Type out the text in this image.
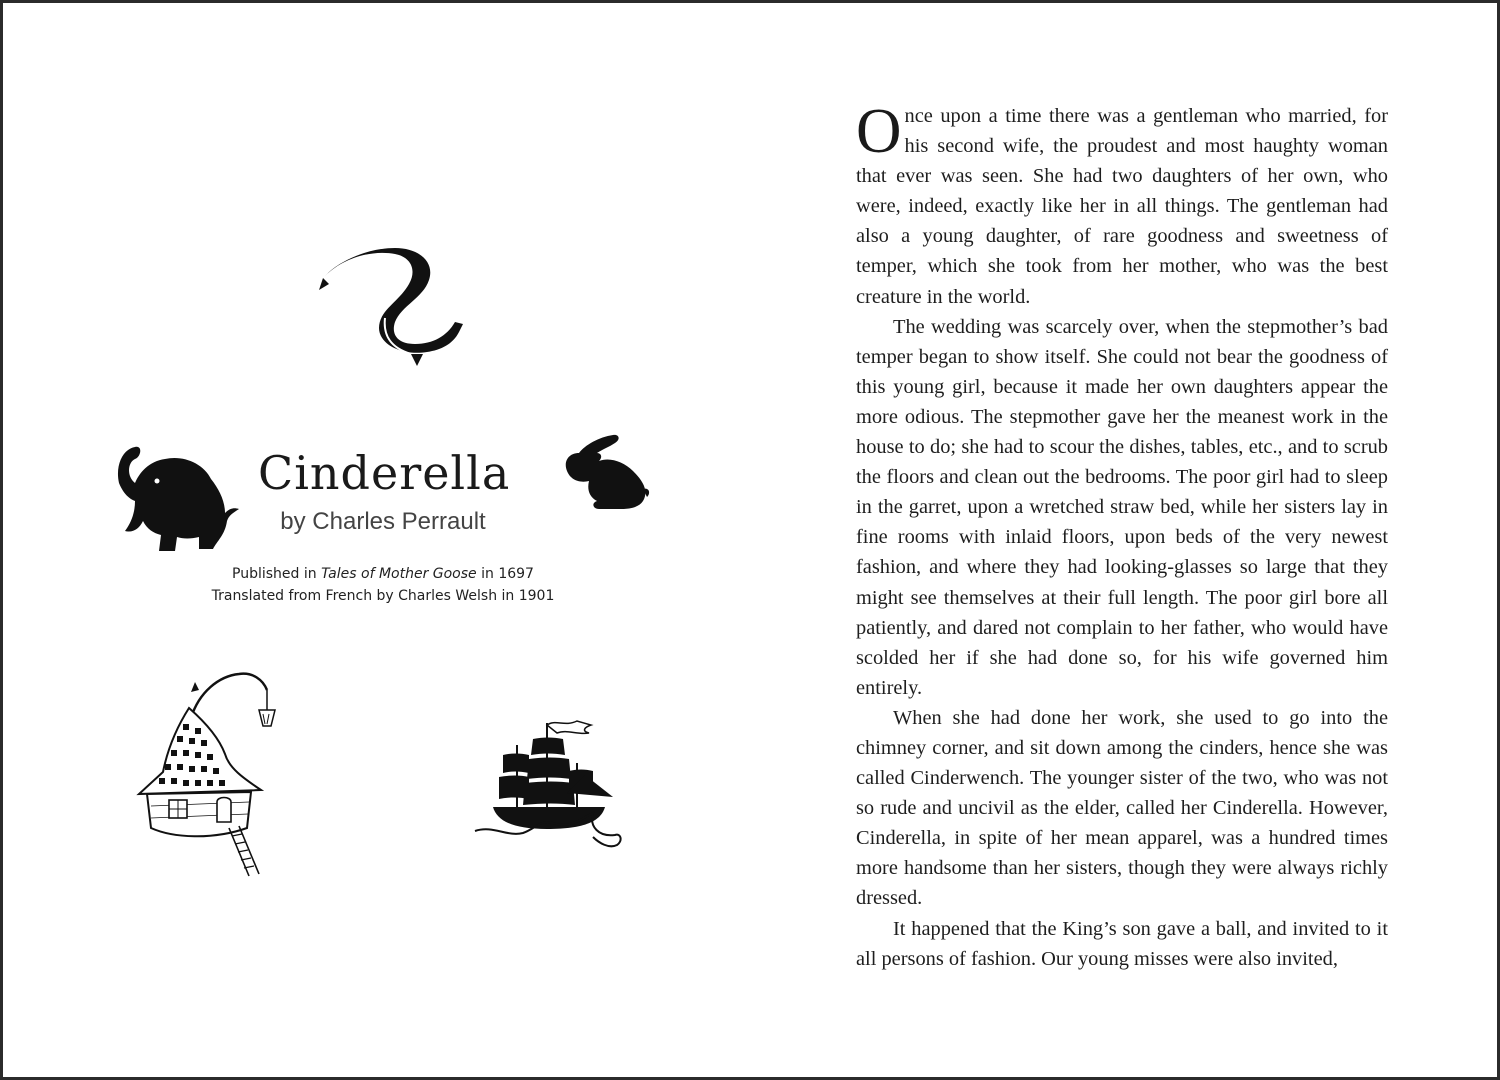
Cinderella
by Charles Perrault

Published in Tales of Mother Goose in 1697

Translated from French by Charles Welsh in 1901

Once upon a time there was a gentleman who married, for his second wife, the proudest and most haughty woman that ever was seen. She had two daughters of her own, who were, indeed, exactly like her in all things. The gentleman had also a young daughter, of rare goodness and sweetness of temper, which she took from her mother, who was the best creature in the world.

The wedding was scarcely over, when the stepmother’s bad temper began to show itself. She could not bear the goodness of this young girl, because it made her own daughters appear the more odious. The stepmother gave her the meanest work in the house to do; she had to scour the dishes, tables, etc., and to scrub the floors and clean out the bedrooms. The poor girl had to sleep in the garret, upon a wretched straw bed, while her sisters lay in fine rooms with inlaid floors, upon beds of the very newest fashion, and where they had looking-glasses so large that they might see themselves at their full length. The poor girl bore all patiently, and dared not complain to her father, who would have scolded her if she had done so, for his wife governed him entirely.

When she had done her work, she used to go into the chimney corner, and sit down among the cinders, hence she was called Cinderwench. The younger sister of the two, who was not so rude and uncivil as the elder, called her Cinderella. However, Cinderella, in spite of her mean apparel, was a hundred times more handsome than her sisters, though they were always richly dressed.

It happened that the King’s son gave a ball, and invited to it all persons of fashion. Our young misses were also invited,
